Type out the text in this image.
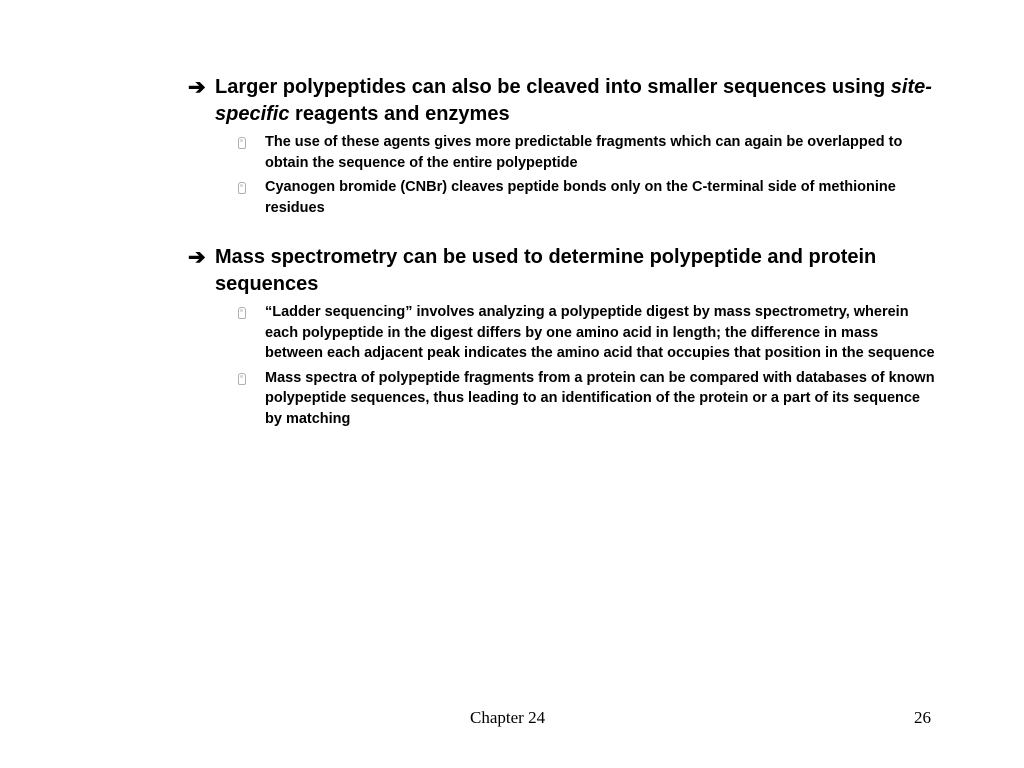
➔ Larger polypeptides can also be cleaved into smaller sequences using site-specific reagents and enzymes
The use of these agents gives more predictable fragments which can again be overlapped to obtain the sequence of the entire polypeptide
Cyanogen bromide (CNBr) cleaves peptide bonds only on the C-terminal side of methionine residues
➔ Mass spectrometry can be used to determine polypeptide and protein sequences
“Ladder sequencing” involves analyzing a polypeptide digest by mass spectrometry, wherein each polypeptide in the digest differs by one amino acid in length; the difference in mass between each adjacent peak indicates the amino acid that occupies that position in the sequence
Mass spectra of polypeptide fragments from a protein can be compared with databases of known polypeptide sequences, thus leading to an identification of the protein or a part of its sequence by matching
Chapter 24	26
